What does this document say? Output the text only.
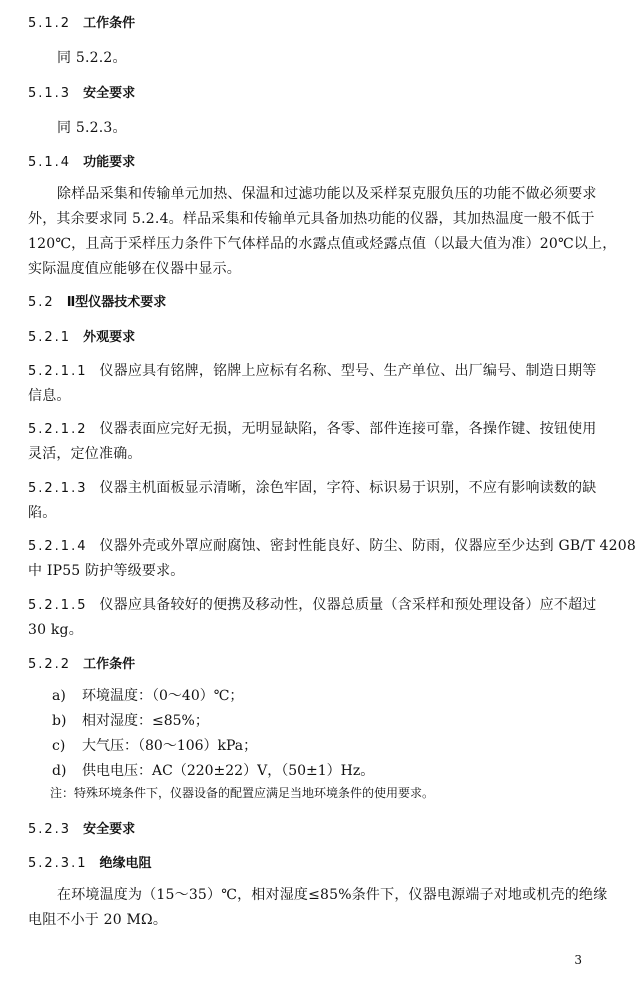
5.1.2 工作条件
同 5.2.2。
5.1.3 安全要求
同 5.2.3。
5.1.4 功能要求
除样品采集和传输单元加热、保温和过滤功能以及采样泵克服负压的功能不做必须要求
外，其余要求同 5.2.4。样品采集和传输单元具备加热功能的仪器，其加热温度一般不低于
120℃，且高于采样压力条件下气体样品的水露点值或烃露点值（以最大值为准）20℃以上，
实际温度值应能够在仪器中显示。
5.2 Ⅱ型仪器技术要求
5.2.1 外观要求
5.2.1.1 仪器应具有铭牌，铭牌上应标有名称、型号、生产单位、出厂编号、制造日期等
信息。
5.2.1.2 仪器表面应完好无损，无明显缺陷，各零、部件连接可靠，各操作键、按钮使用
灵活，定位准确。
5.2.1.3 仪器主机面板显示清晰，涂色牢固，字符、标识易于识别，不应有影响读数的缺
陷。
5.2.1.4 仪器外壳或外罩应耐腐蚀、密封性能良好、防尘、防雨，仪器应至少达到 GB/T 4208
中 IP55 防护等级要求。
5.2.1.5 仪器应具备较好的便携及移动性，仪器总质量（含采样和预处理设备）应不超过
30 kg。
5.2.2 工作条件
a) 环境温度：（0～40）℃；
b) 相对湿度：≤85%；
c) 大气压：（80～106）kPa；
d) 供电电压：AC（220±22）V，（50±1）Hz。
注：特殊环境条件下，仪器设备的配置应满足当地环境条件的使用要求。
5.2.3 安全要求
5.2.3.1 绝缘电阻
在环境温度为（15～35）℃，相对湿度≤85%条件下，仪器电源端子对地或机壳的绝缘
电阻不小于 20 MΩ。
3
